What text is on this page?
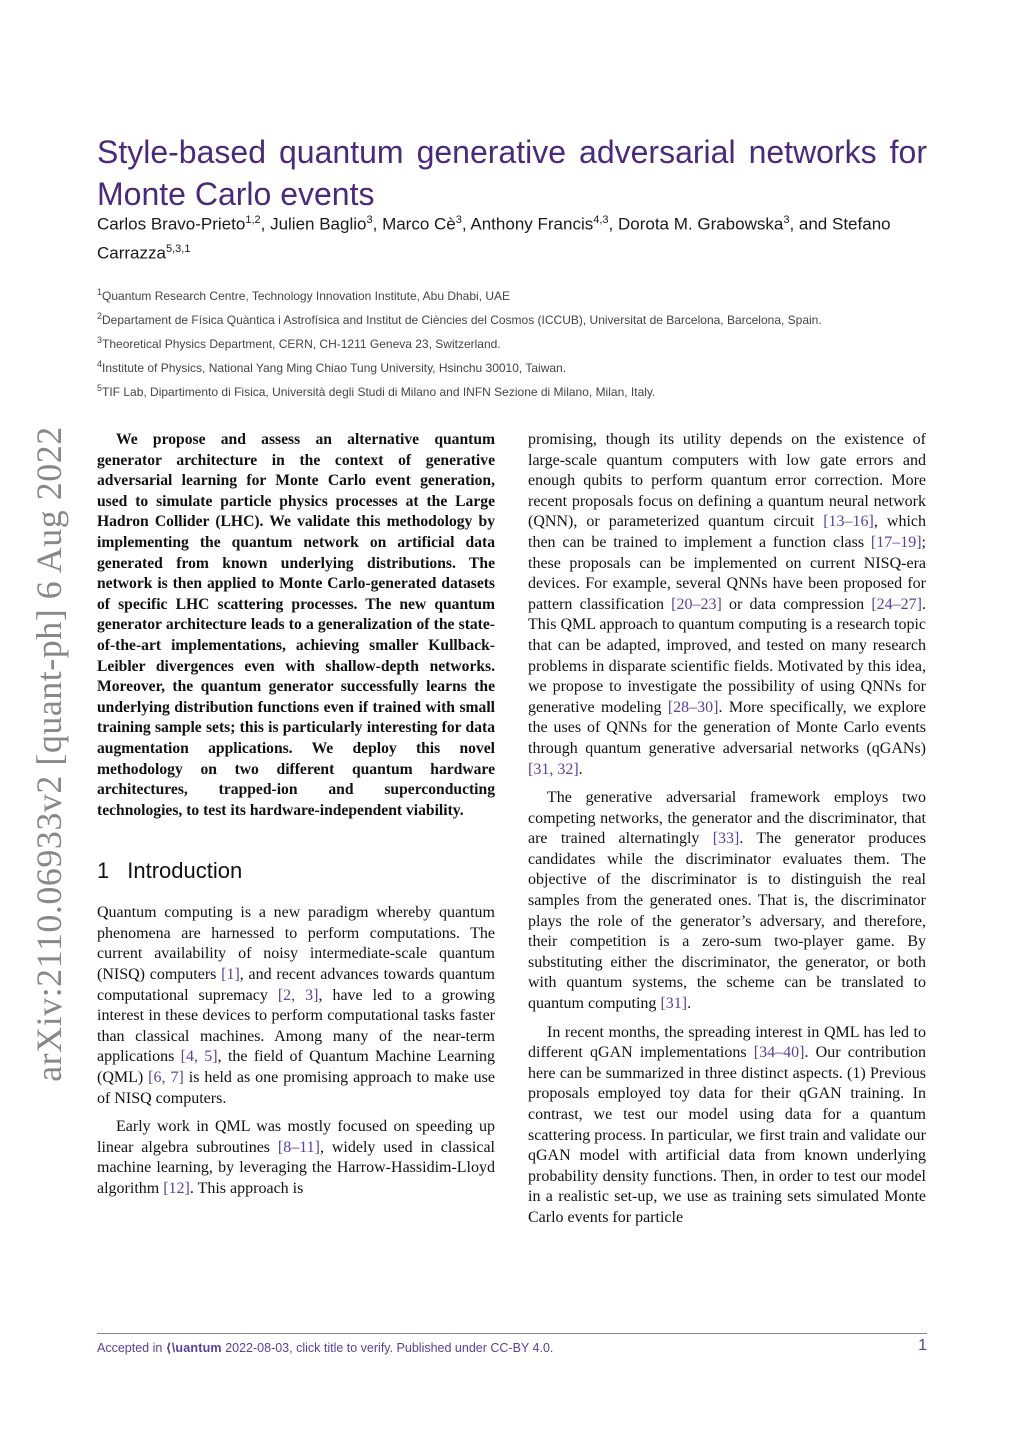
arXiv:2110.06933v2 [quant-ph] 6 Aug 2022
Style-based quantum generative adversarial networks for Monte Carlo events
Carlos Bravo-Prieto$^{1,2}$, Julien Baglio$^3$, Marco $Cè^3$, Anthony Francis$^{4,3}$, Dorota M. Grabowska$^3$, and Stefano Carrazza$^{5,3,1}$
$^1$Quantum Research Centre, Technology Innovation Institute, Abu Dhabi, UAE
$^2$Departament de Física Quàntica i Astrofísica and Institut de Ciències del Cosmos (ICCUB), Universitat de Barcelona, Barcelona, Spain.
$^3$Theoretical Physics Department, CERN, CH-1211 Geneva 23, Switzerland.
$^4$Institute of Physics, National Yang Ming Chiao Tung University, Hsinchu 30010, Taiwan.
$^5$TIF Lab, Dipartimento di Fisica, Università degli Studi di Milano and INFN Sezione di Milano, Milan, Italy.

We propose and assess an alternative quantum generator architecture in the context of generative adversarial learning for Monte Carlo event generation, used to simulate particle physics processes at the Large Hadron Collider (LHC). We validate this methodology by implementing the quantum network on artificial data generated from known underlying distributions. The network is then applied to Monte Carlo-generated datasets of specific LHC scattering processes. The new quantum generator architecture leads to a generalization of the state-of-the-art implementations, achieving smaller Kullback-Leibler divergences even with shallow-depth networks. Moreover, the quantum generator successfully learns the underlying distribution functions even if trained with small training sample sets; this is particularly interesting for data augmentation applications. We deploy this novel methodology on two different quantum hardware architectures, trapped-ion and superconducting technologies, to test its hardware-independent viability.

1 Introduction

Quantum computing is a new paradigm whereby quantum phenomena are harnessed to perform computations. The current availability of noisy intermediate-scale quantum (NISQ) computers [1], and recent advances towards quantum computational supremacy [2, 3], have led to a growing interest in these devices to perform computational tasks faster than classical machines. Among many of the near-term applications [4, 5], the field of Quantum Machine Learning (QML) [6, 7] is held as one promising approach to make use of NISQ computers.

Early work in QML was mostly focused on speeding up linear algebra subroutines [8–11], widely used in classical machine learning, by leveraging the Harrow-Hassidim-Lloyd algorithm [12]. This approach is

promising, though its utility depends on the existence of large-scale quantum computers with low gate errors and enough qubits to perform quantum error correction. More recent proposals focus on defining a quantum neural network (QNN), or parameterized quantum circuit [13–16], which then can be trained to implement a function class [17–19]; these proposals can be implemented on current NISQ-era devices. For example, several QNNs have been proposed for pattern classification [20–23] or data compression [24–27]. This QML approach to quantum computing is a research topic that can be adapted, improved, and tested on many research problems in disparate scientific fields. Motivated by this idea, we propose to investigate the possibility of using QNNs for generative modeling [28–30]. More specifically, we explore the uses of QNNs for the generation of Monte Carlo events through quantum generative adversarial networks (qGANs) [31, 32].

The generative adversarial framework employs two competing networks, the generator and the discriminator, that are trained alternatingly [33]. The generator produces candidates while the discriminator evaluates them. The objective of the discriminator is to distinguish the real samples from the generated ones. That is, the discriminator plays the role of the generator’s adversary, and therefore, their competition is a zero-sum two-player game. By substituting either the discriminator, the generator, or both with quantum systems, the scheme can be translated to quantum computing [31].

In recent months, the spreading interest in QML has led to different qGAN implementations [34–40]. Our contribution here can be summarized in three distinct aspects. (1) Previous proposals employed toy data for their qGAN training. In contrast, we test our model using data for a quantum scattering process. In particular, we first train and validate our qGAN model with artificial data from known underlying probability density functions. Then, in order to test our model in a realistic set-up, we use as training sets simulated Monte Carlo events for particle

Accepted in ⟨\uantum 2022-08-03, click title to verify. Published under CC-BY 4.0.	1
